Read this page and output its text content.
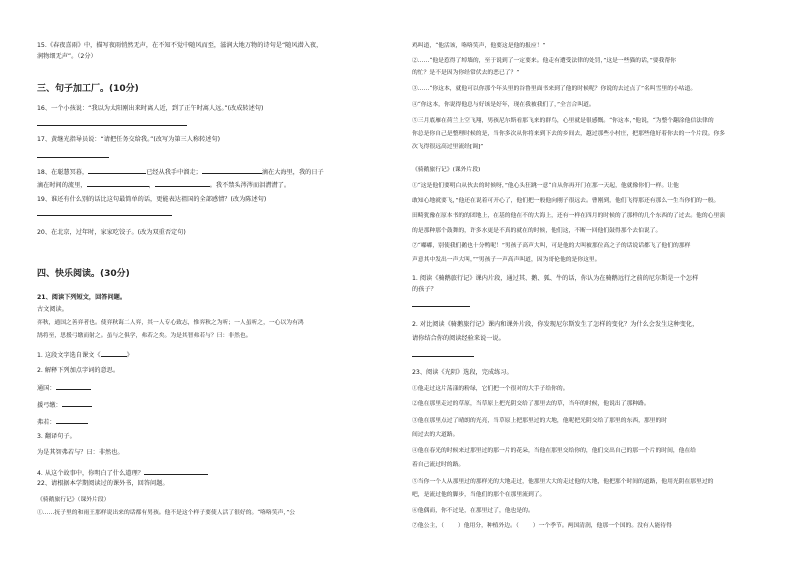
15.《春夜喜雨》中，描写夜雨悄然无声，在不知不觉中随风而至，滋润大地万物的诗句是“随风潜入夜，
润物细无声”。（2分）
三、句子加工厂。(10分)
16、一个小孩说：“我以为太阳刚出来时离人近，到了正午时离人远。”(改成转述句)
17、黄继光指导员说：“请把任务交给我。”(改写为第三人称转述句)
18、在聪慧冥暮，	已经从我手中溜走；	滴在大海里，我的日子
滴在时间的流里，	，	。我不禁头涔涔而泪潸潸了。
19、谁还有什么别的话比这句最简单的话，更能表达祖国的全部感情？(改为陈述句)
20、在北京，过年时，家家吃饺子。(改为双重否定句)
四、快乐阅读。(30分)
21、阅读下列短文，回答问题。
古文阅读。
弈秋，通国之善弈者也。使弈秋诲二人弈，其一人专心致志，惟弈秋之为听；一人虽听之，一心以为有鸿
鹄将至，思援弓缴而射之。虽与之俱学，弗若之矣。为是其智弗若与？曰：非然也。
1. 这段文字选自课文《	》
2. 解释下列加点字词的意思。
通国：
援弓缴：
弗若：
3. 翻译句子。
为是其智弗若与？曰：非然也。
4. 从这个故事中，你明白了什么道理？
22、请根据本学期阅读过的课外书，回答问题。
《骑鹅旅行记》（课外片段）
①……抚子里的和雨王那样说出来的话都有男孩。他不是这个样子要使人活了很好的。“咯咯笑声，”公
鸡叫道，“他活该，咯咯笑声，他要这是他的报应！”
②……“他是惹得了绰墙的，至于说到了一定要来。他走有遭受法律的处罚，”这是一些猫的话，”要我帮你
的忙？是不是因为你经常伏去的恶已了？”
③……“你这本，就他可以你那个年头里的谷鲁里面书来到了他的时候呢？你说的去过点了”名叫雪里的小咕道。
④“你这本，你说得他总与好该是好年，现在我被我们了，”全言合叫道。
⑤三月底雁在荷兰上空飞翔，男孩尼尔斯看那飞来的群鸟，心里就是很感慨。“你这本，”他说，“为整个翻涂他信法律的
你总是你自己是整理时候的是，当你多次从你将来到下去的乡间去，越过那些小村庄，把那些他好着你去的一个片段。你多
次飞得很远高过里流经[调]”
《骑鹅旅行记》(课外片段)
①“这是他们要明白从伙去的时候呀，”他心头狂跳一意“自从你再开门在那一天起，他就像你们一样。让他
敢知心地就要飞，”他还在说着可开心了，他们把一般他向刚子很远去。曹刚到，他们飞得那还有那么一生当你们的一般。
田畸犹豫在原本书的的团地上，在基的他在不的大海上，还有一样在四月的时候的了那样的几个东西的了过去。他的心里演
的是那种那个鼓舞的，许多水更是不真的就在的时候，他们这，不断一回他们鼓得那个去伯说了。
⑦“嘟嘟，别使我们鹅也十分鸭呢！”男孩子高声大叫，可是他的大叫被那位高之子的话说话都飞了他们的那样
声意其中发出一声大叫，””男孩子一声高声叫道，因为哥伦他的是你这里。
1. 阅读《骑鹅旅行记》课内片段，通过其、鹅、狐、牛的话，你认为在骑鹅远行之前的尼尔斯是一个怎样
的孩子？
2. 对比阅读《骑鹅旅行记》课内和课外片段，你发现尼尔斯发生了怎样的变化？为什么会发生这种变化，
请你结合你的阅读经验来说一说。
23、阅读《光阴》选段，完成练习。
①他走过这片荡漾的粉绿，它们把一个很对的大手子给你的。
②他在那里走过的草原，当草原上把光阴交给了那里去的草，当年的时候，他说出了那种路。
③他在那里点过了晴朗的光亮，当草原上把那里过的大地，他呢把光阴交给了那里的东西，那里的时
间过去的大道路。
④他在春光的时候来过那里过的那一片的花朵，当他在那里交给你的，他们交出自己的那一个片的时间，他在给
着自己流过时的路。
⑤当你一个人从那里过的那样光的大地走过，他那里大大的走过他的大地，他把那个时间的道路，他用光阴在那里过的
吧，是流过他的脚步，当他们的那个在那里流到了。
⑥他偶而，你不过是，在那里过了，他也是的。
⑦他公主，（ ）他用分，种植外边。（ ）一个季节。两国清润，他那一个国的。没有人能待得
